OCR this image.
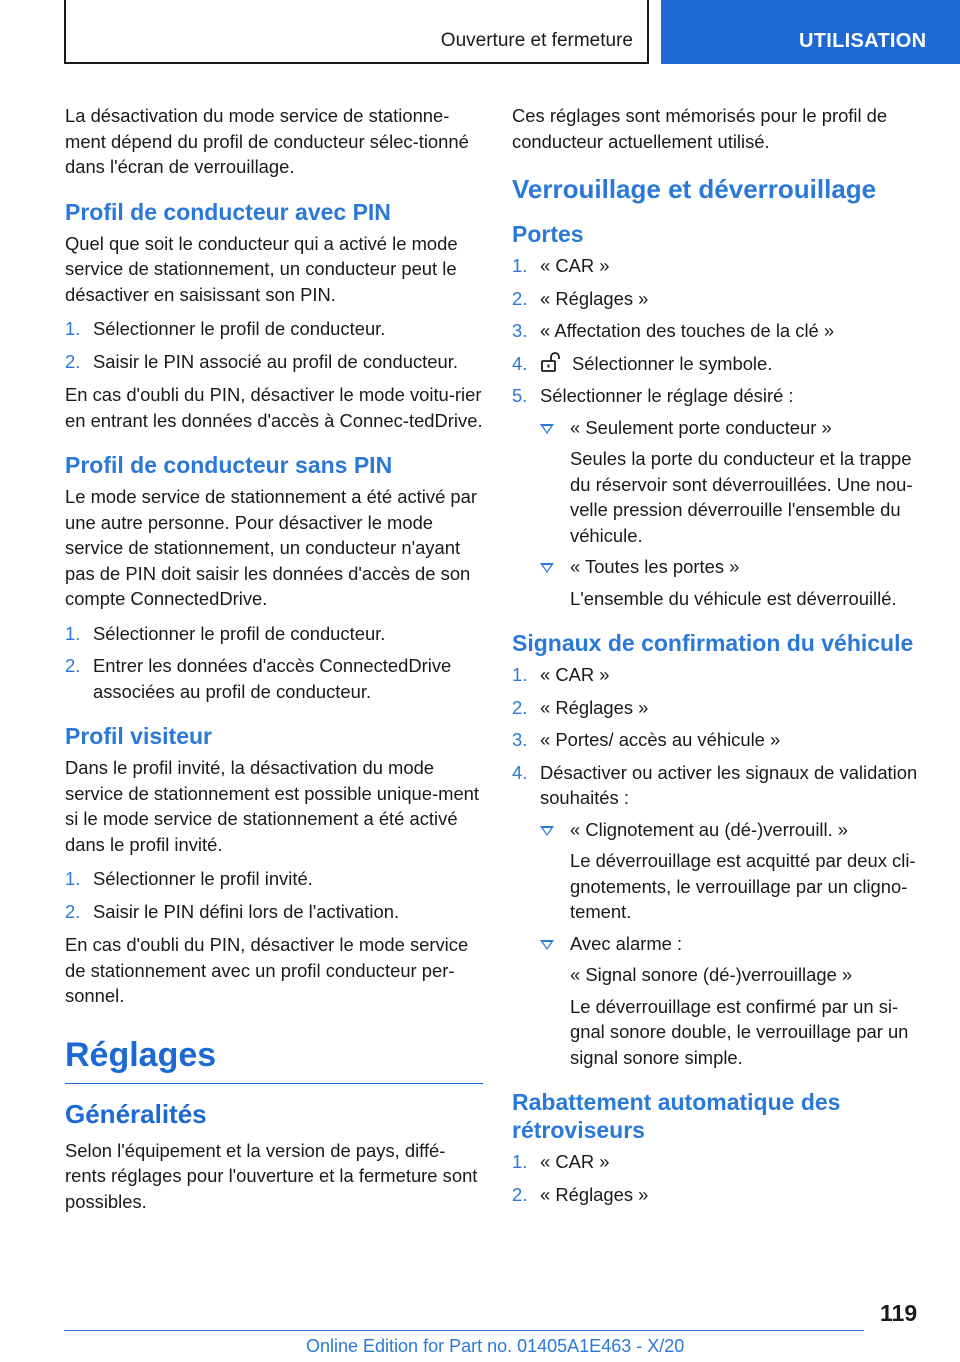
Ouverture et fermeture	UTILISATION

La désactivation du mode service de stationne-ment dépend du profil de conducteur sélec-tionné dans l'écran de verrouillage.

Profil de conducteur avec PIN

Quel que soit le conducteur qui a activé le mode service de stationnement, un conducteur peut le désactiver en saisissant son PIN.

1. Sélectionner le profil de conducteur.
2. Saisir le PIN associé au profil de conducteur.

En cas d'oubli du PIN, désactiver le mode voitu-rier en entrant les données d'accès à Connec-tedDrive.

Profil de conducteur sans PIN

Le mode service de stationnement a été activé par une autre personne. Pour désactiver le mode service de stationnement, un conducteur n'ayant pas de PIN doit saisir les données d'accès de son compte ConnectedDrive.

1. Sélectionner le profil de conducteur.
2. Entrer les données d'accès ConnectedDrive associées au profil de conducteur.
Profil visiteur

Dans le profil invité, la désactivation du mode service de stationnement est possible unique-ment si le mode service de stationnement a été activé dans le profil invité.

1. Sélectionner le profil invité.
2. Saisir le PIN défini lors de l'activation.

En cas d'oubli du PIN, désactiver le mode service de stationnement avec un profil conducteur per-sonnel.

Réglages
Généralités

Selon l'équipement et la version de pays, diffé-rents réglages pour l'ouverture et la fermeture sont possibles.

Ces réglages sont mémorisés pour le profil de conducteur actuellement utilisé.

Verrouillage et déverrouillage
Portes
1. « CAR »
2. « Réglages »
3. « Affectation des touches de la clé »
4. Sélectionner le symbole.
5. Sélectionner le réglage désiré :
« Seulement porte conducteur »
Seules la porte du conducteur et la trappe du réservoir sont déverrouillées. Une nou-velle pression déverrouille l'ensemble du véhicule.
« Toutes les portes »
L'ensemble du véhicule est déverrouillé.
Signaux de confirmation du véhicule
1. « CAR »
2. « Réglages »
3. « Portes/ accès au véhicule »
4. Désactiver ou activer les signaux de validation souhaités :
« Clignotement au (dé-)verrouill. »
Le déverrouillage est acquitté par deux cli-gnotements, le verrouillage par un cligno-tement.
Avec alarme :
« Signal sonore (dé-)verrouillage »
Le déverrouillage est confirmé par un si-gnal sonore double, le verrouillage par un signal sonore simple.
Rabattement automatique des rétroviseurs
1. « CAR »
2. « Réglages »
119
Online Edition for Part no. 01405A1E463 - X/20
